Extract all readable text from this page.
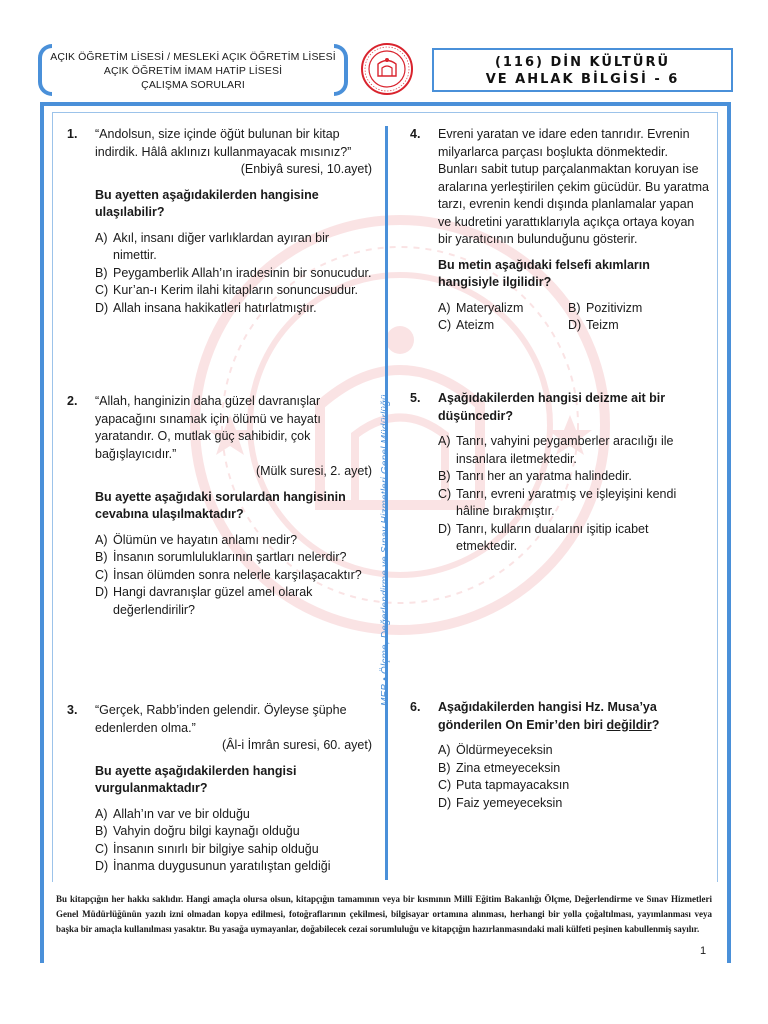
AÇIK ÖĞRETİM LİSESİ / MESLEKİ AÇIK ÖĞRETİM LİSESİ
AÇIK ÖĞRETİM İMAM HATİP LİSESİ
ÇALIŞMA SORULARI
(116) DİN KÜLTÜRÜ
VE AHLAK BİLGİSİ - 6
MEB • Ölçme, Değerlendirme ve Sınav Hizmetleri Genel Müdürlüğü
1. “Andolsun, size içinde öğüt bulunan bir kitap indirdik. Hâlâ aklınızı kullanmayacak mısınız?”
(Enbiyâ suresi, 10.ayet)
Bu ayetten aşağıdakilerden hangisine ulaşılabilir?
A) Akıl, insanı diğer varlıklardan ayıran bir nimettir.
B) Peygamberlik Allah’ın iradesinin bir sonucudur.
C) Kur’an-ı Kerim ilahi kitapların sonuncusudur.
D) Allah insana hakikatleri hatırlatmıştır.
2. “Allah, hanginizin daha güzel davranışlar yapacağını sınamak için ölümü ve hayatı yaratandır. O, mutlak güç sahibidir, çok bağışlayıcıdır.”
(Mülk suresi, 2. ayet)
Bu ayette aşağıdaki sorulardan hangisinin cevabına ulaşılmaktadır?
A) Ölümün ve hayatın anlamı nedir?
B) İnsanın sorumluluklarının şartları nelerdir?
C) İnsan ölümden sonra nelerle karşılaşacaktır?
D) Hangi davranışlar güzel amel olarak değerlendirilir?
3. “Gerçek, Rabb’inden gelendir. Öyleyse şüphe edenlerden olma.”
(Âl-i İmrân suresi, 60. ayet)
Bu ayette aşağıdakilerden hangisi vurgulanmaktadır?
A) Allah’ın var ve bir olduğu
B) Vahyin doğru bilgi kaynağı olduğu
C) İnsanın sınırlı bir bilgiye sahip olduğu
D) İnanma duygusunun yaratılıştan geldiği
4. Evreni yaratan ve idare eden tanrıdır. Evrenin milyarlarca parçası boşlukta dönmektedir. Bunları sabit tutup parçalanmaktan koruyan ise aralarına yerleştirilen çekim gücüdür. Bu yaratma tarzı, evrenin kendi dışında planlamalar yapan ve kudretini yarattıklarıyla açıkça ortaya koyan bir yaratıcının bulunduğunu gösterir.
Bu metin aşağıdaki felsefi akımların hangisiyle ilgilidir?
A) Materyalizm	B) Pozitivizm
C) Ateizm	D) Teizm
5. Aşağıdakilerden hangisi deizme ait bir düşüncedir?
A) Tanrı, vahyini peygamberler aracılığı ile insanlara iletmektedir.
B) Tanrı her an yaratma halindedir.
C) Tanrı, evreni yaratmış ve işleyişini kendi hâline bırakmıştır.
D) Tanrı, kulların dualarını işitip icabet etmektedir.
6. Aşağıdakilerden hangisi Hz. Musa’ya gönderilen On Emir’den biri değildir?
A) Öldürmeyeceksin
B) Zina etmeyeceksin
C) Puta tapmayacaksın
D) Faiz yemeyeceksin
Bu kitapçığın her hakkı saklıdır. Hangi amaçla olursa olsun, kitapçığın tamamının veya bir kısmının Millî Eğitim Bakanlığı Ölçme, Değerlendirme ve Sınav Hizmetleri Genel Müdürlüğünün yazılı izni olmadan kopya edilmesi, fotoğraflarının çekilmesi, bilgisayar ortamına alınması, herhangi bir yolla çoğaltılması, yayımlanması veya başka bir amaçla kullanılması yasaktır. Bu yasağa uymayanlar, doğabilecek cezai sorumluluğu ve kitapçığın hazırlanmasındaki mali külfeti peşinen kabullenmiş sayılır.
1
